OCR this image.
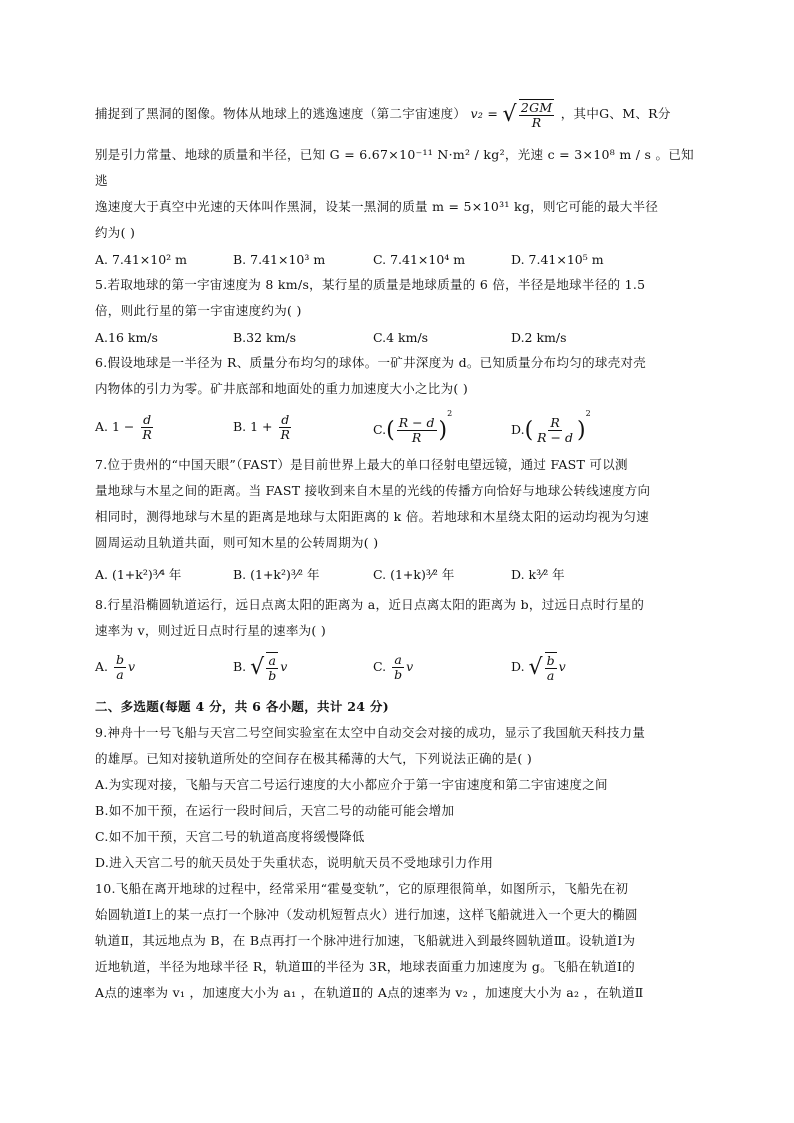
捕捉到了黑洞的图像。物体从地球上的逃逸速度（第二宇宙速度） v₂ = √ $\frac{2GM}{R}$ ，其中G、M、R分

别是引力常量、地球的质量和半径，已知 G = 6.67×10⁻¹¹ N·m² / kg²，光速 c = 3×10⁸ m / s 。已知逃

逸速度大于真空中光速的天体叫作黑洞，设某一黑洞的质量 m = 5×10³¹ kg，则它可能的最大半径

约为( )

A. 7.41×10² m	B. 7.41×10³ m	C. 7.41×10⁴ m	D. 7.41×10⁵ m

5.若取地球的第一宇宙速度为 8 km/s，某行星的质量是地球质量的 6 倍，半径是地球半径的 1.5

倍，则此行星的第一宇宙速度约为( )

A.16 km/s	B.32 km/s	C.4 km/s	D.2 km/s

6.假设地球是一半径为 R、质量分布均匀的球体。一矿井深度为 d。已知质量分布均匀的球壳对壳

内物体的引力为零。矿井底部和地面处的重力加速度大小之比为( )

A. $1 - \frac{d}{R}$	B. $1 + \frac{d}{R}$	$C.( \frac{R - d}{R} )^2$
$D.( \frac{R}{R - d} )^2$

7.位于贵州的“中国天眼”（FAST）是目前世界上最大的单口径射电望远镜，通过 FAST 可以测

量地球与木星之间的距离。当 FAST 接收到来自木星的光线的传播方向恰好与地球公转线速度方向

相同时，测得地球与木星的距离是地球与太阳距离的 k 倍。若地球和木星绕太阳的运动均视为匀速

圆周运动且轨道共面，则可知木星的公转周期为( )

A. (1+k²)³⁄⁴ 年	B. (1+k²)³⁄² 年	C. (1+k)³⁄² 年	D. k³⁄² 年

8.行星沿椭圆轨道运行，远日点离太阳的距离为 a，近日点离太阳的距离为 b，过远日点时行星的

速率为 v，则过近日点时行星的速率为( )

A. $\frac{b}{a}$ v	B. √ $\frac{a}{b}$ v	C. $\frac{a}{b}$ v	D. √ $\frac{b}{a}$ v

二、多选题(每题 4 分，共 6 各小题，共计 24 分)

9.神舟十一号飞船与天宫二号空间实验室在太空中自动交会对接的成功，显示了我国航天科技力量

的雄厚。已知对接轨道所处的空间存在极其稀薄的大气，下列说法正确的是( )

A.为实现对接，飞船与天宫二号运行速度的大小都应介于第一宇宙速度和第二宇宙速度之间

B.如不加干预，在运行一段时间后，天宫二号的动能可能会增加

C.如不加干预，天宫二号的轨道高度将缓慢降低

D.进入天宫二号的航天员处于失重状态，说明航天员不受地球引力作用

10.飞船在离开地球的过程中，经常采用“霍曼变轨”，它的原理很简单，如图所示，飞船先在初

始圆轨道Ⅰ上的某一点打一个脉冲（发动机短暂点火）进行加速，这样飞船就进入一个更大的椭圆

轨道Ⅱ，其远地点为 B，在 B点再打一个脉冲进行加速，飞船就进入到最终圆轨道Ⅲ。设轨道Ⅰ为

近地轨道，半径为地球半径 R，轨道Ⅲ的半径为 3R，地球表面重力加速度为 g。飞船在轨道Ⅰ的

A点的速率为 v₁ ，加速度大小为 a₁ ，在轨道Ⅱ的 A点的速率为 v₂ ，加速度大小为 a₂ ，在轨道Ⅱ
